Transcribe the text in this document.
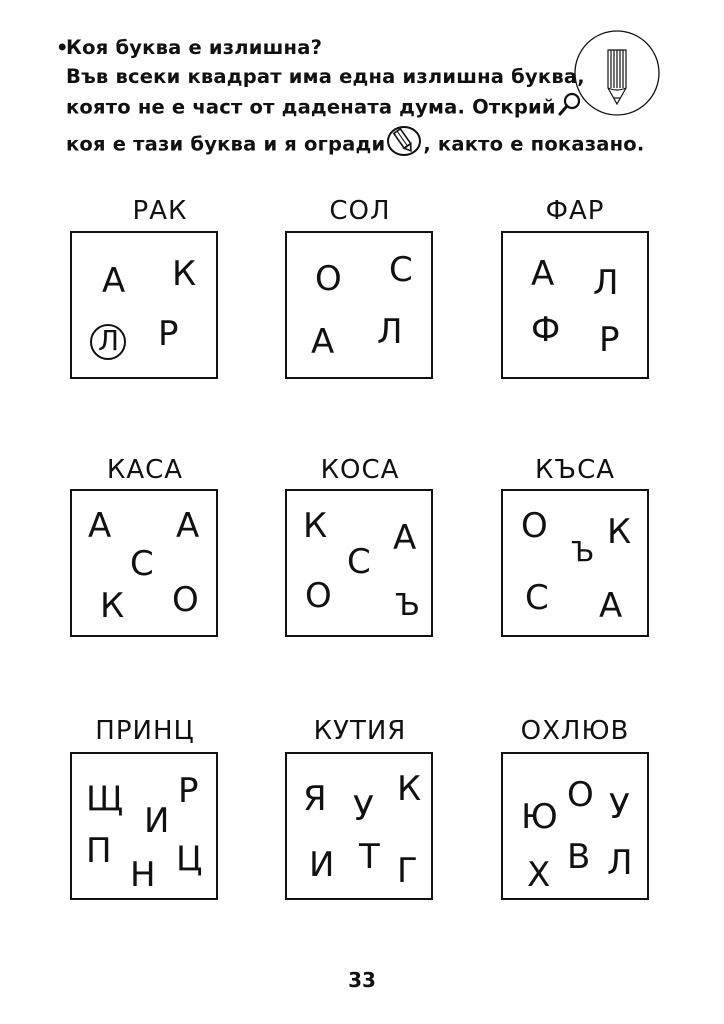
•Коя буква е излишна?
Във всеки квадрат има една излишна буква,
която не е част от дадената дума. Открий
коя е тази буква и я огради , както е показано.
РАК
А К
Л Р
СОЛ
О С
А Л
ФАР
А Л
Ф Р
КАСА
А А
С
К О
КОСА
К А
С
О Ъ
КЪСА
О К
Ъ
С А
ПРИНЦ
Щ Р
И
П Ц
Н
КУТИЯ
Я К
У
И Т Г
ОХЛЮВ
О
Ю У
Х В Л
33
